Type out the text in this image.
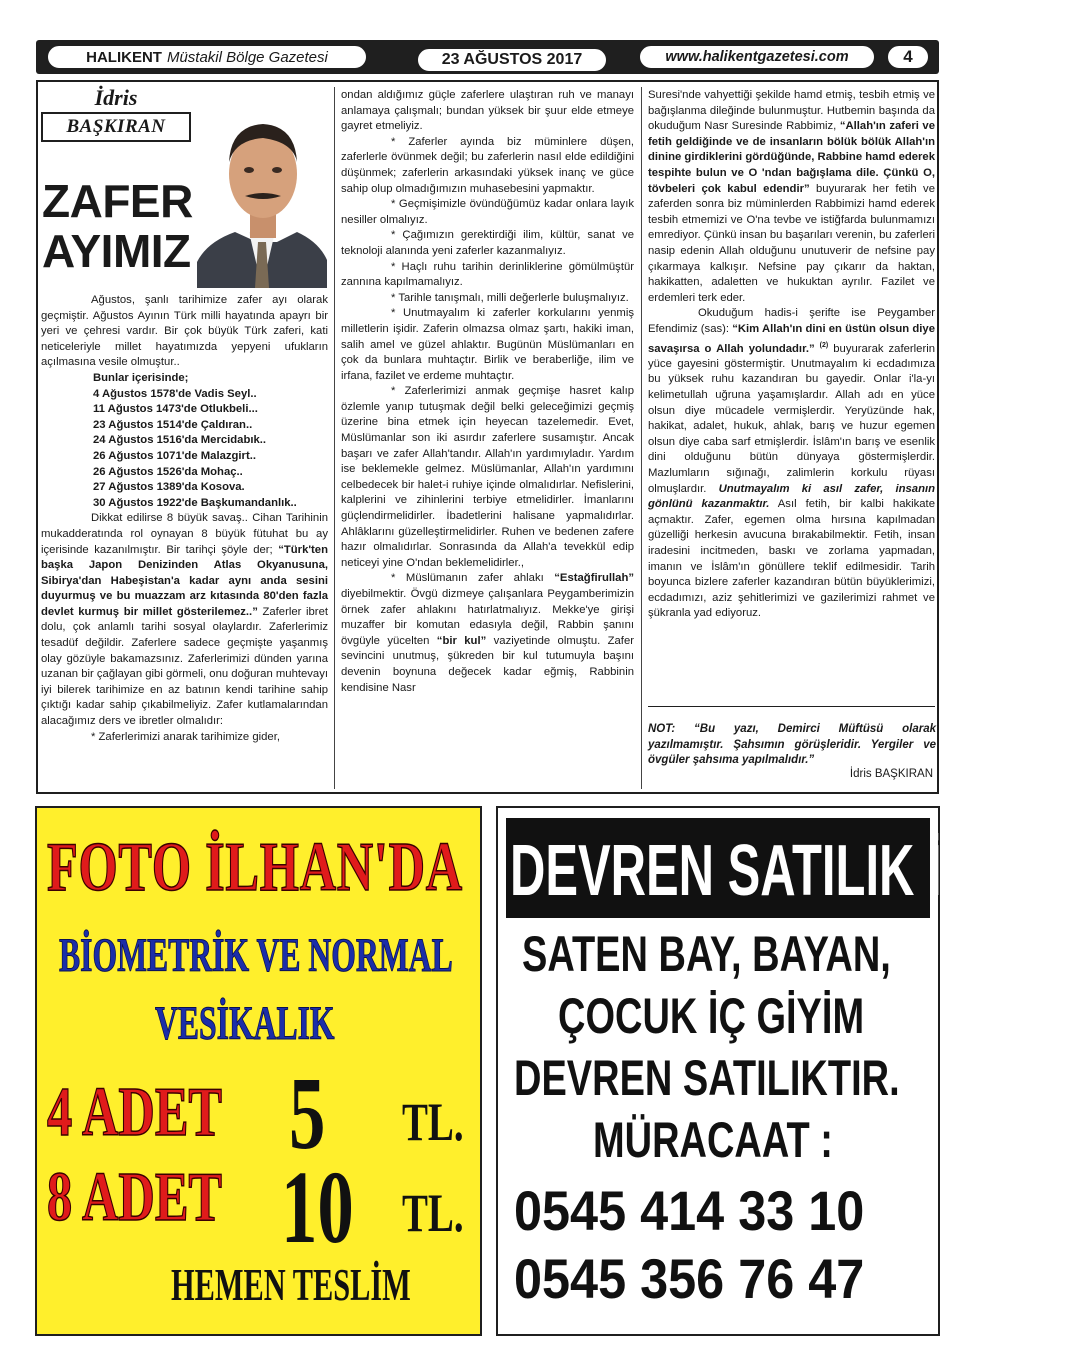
HALIKENT Müstakil Bölge Gazetesi	23 AĞUSTOS 2017	www.halikentgazetesi.com	4
İdris
BAŞKIRAN
ZAFER
AYIMIZ

Ağustos, şanlı tarihimize zafer ayı olarak geçmiştir. Ağustos Ayının Türk milli hayatında apayrı bir yeri ve çehresi vardır. Bir çok büyük Türk zaferi, kati neticeleriyle millet hayatımızda yepyeni ufukların açılmasına vesile olmuştur..

Bunlar içerisinde;
4 Ağustos 1578'de Vadis Seyl..
11 Ağustos 1473'de Otlukbeli...
23 Ağustos 1514'de Çaldıran..
24 Ağustos 1516'da Mercidabık..
26 Ağustos 1071'de Malazgirt..
26 Ağustos 1526'da Mohaç..
27 Ağustos 1389'da Kosova.
30 Ağustos 1922'de Başkumandanlık..

Dikkat edilirse 8 büyük savaş.. Cihan Tarihinin mukadderatında rol oynayan 8 büyük fütuhat bu ay içerisinde kazanılmıştır. Bir tarihçi şöyle der; “Türk'ten başka Japon Denizinden Atlas Okyanusuna, Sibirya'dan Habeşistan'a kadar aynı anda sesini duyurmuş ve bu muazzam arz kıtasında 80'den fazla devlet kurmuş bir millet gösterilemez..” Zaferler ibret dolu, çok anlamlı tarihi sosyal olaylardır. Zaferlerimiz tesadüf değildir. Zaferlere sadece geçmişte yaşanmış olay gözüyle bakamazsınız. Zaferlerimizi dünden yarına uzanan bir çağlayan gibi görmeli, onu doğuran muhtevayı iyi bilerek tarihimize en az batının kendi tarihine sahip çıktığı kadar sahip çıkabilmeliyiz. Zafer kutlamalarından alacağımız ders ve ibretler olmalıdır:

* Zaferlerimizi anarak tarihimize gider,

ondan aldığımız güçle zaferlere ulaştıran ruh ve manayı anlamaya çalışmalı; bundan yüksek bir şuur elde etmeye gayret etmeliyiz.

* Zaferler ayında biz müminlere düşen, zaferlerle övünmek değil; bu zaferlerin nasıl elde edildiğini düşünmek; zaferlerin arkasındaki yüksek inanç ve güce sahip olup olmadığımızın muhasebesini yapmaktır.

* Geçmişimizle övündüğümüz kadar onlara layık nesiller olmalıyız.

* Çağımızın gerektirdiği ilim, kültür, sanat ve teknoloji alanında yeni zaferler kazanmalıyız.

* Haçlı ruhu tarihin derinliklerine gömülmüştür zannına kapılmamalıyız.

* Tarihle tanışmalı, milli değerlerle buluşmalıyız.

* Unutmayalım ki zaferler korkularını yenmiş milletlerin işidir. Zaferin olmazsa olmaz şartı, hakiki iman, salih amel ve güzel ahlaktır. Bugünün Müslümanları en çok da bunlara muhtaçtır. Birlik ve beraberliğe, ilim ve irfana, fazilet ve erdeme muhtaçtır.

* Zaferlerimizi anmak geçmişe hasret kalıp özlemle yanıp tutuşmak değil belki geleceğimizi geçmiş üzerine bina etmek için heyecan tazelemedir. Evet, Müslümanlar son iki asırdır zaferlere susamıştır. Ancak başarı ve zafer Allah'tandır. Allah'ın yardımıyladır. Yardım ise beklemekle gelmez. Müslümanlar, Allah'ın yardımını celbedecek bir halet-i ruhiye içinde olmalıdırlar. Nefislerini, kalplerini ve zihinlerini terbiye etmelidirler. İmanlarını güçlendirmelidirler. İbadetlerini halisane yapmalıdırlar. Ahlâklarını güzelleştirmelidirler. Ruhen ve bedenen zafere hazır olmalıdırlar. Sonrasında da Allah'a tevekkül edip neticeyi yine O'ndan beklemelidirler.,

* Müslümanın zafer ahlakı “Estağfirullah” diyebilmektir. Övgü dizmeye çalışanlara Peygamberimizin örnek zafer ahlakını hatırlatmalıyız. Mekke'ye girişi muzaffer bir komutan edasıyla değil, Rabbin şanını övgüyle yücelten “bir kul” vaziyetinde olmuştu. Zafer sevincini unutmuş, şükreden bir kul tutumuyla başını devenin boynuna değecek kadar eğmiş, Rabbinin kendisine Nasr

Suresi'nde vahyettiği şekilde hamd etmiş, tesbih etmiş ve bağışlanma dileğinde bulunmuştur. Hutbemin başında da okuduğum Nasr Suresinde Rabbimiz, “Allah'ın zaferi ve fetih geldiğinde ve de insanların bölük bölük Allah'ın dinine girdiklerini gördüğünde, Rabbine hamd ederek tespihte bulun ve O 'ndan bağışlama dile. Çünkü O, tövbeleri çok kabul edendir” buyurarak her fetih ve zaferden sonra biz müminlerden Rabbimizi hamd ederek tesbih etmemizi ve O'na tevbe ve istiğfarda bulunmamızı emrediyor. Çünkü insan bu başarıları verenin, bu zaferleri nasip edenin Allah olduğunu unutuverir de nefsine pay çıkarmaya kalkışır. Nefsine pay çıkarır da haktan, hakikatten, adaletten ve hukuktan ayrılır. Fazilet ve erdemleri terk eder.

Okuduğum hadis-i şerifte ise Peygamber Efendimiz (sas): “Kim Allah'ın dini en üstün olsun diye savaşırsa o Allah yolundadır.” $^{(2)}$ buyurarak zaferlerin yüce gayesini göstermiştir. Unutmayalım ki ecdadımıza bu yüksek ruhu kazandıran bu gayedir. Onlar i'la-yı kelimetullah uğruna yaşamışlardır. Allah adı en yüce olsun diye mücadele vermişlerdir. Yeryüzünde hak, hakikat, adalet, hukuk, ahlak, barış ve huzur egemen olsun diye caba sarf etmişlerdir. İslâm'ın barış ve esenlik dini olduğunu bütün dünyaya göstermişlerdir. Mazlumların sığınağı, zalimlerin korkulu rüyası olmuşlardır. Unutmayalım ki asıl zafer, insanın gönlünü kazanmaktır. Asıl fetih, bir kalbi hakikate açmaktır. Zafer, egemen olma hırsına kapılmadan güzelliği herkesin avucuna bırakabilmektir. Fetih, insan iradesini incitmeden, baskı ve zorlama yapmadan, imanın ve İslâm'ın gönüllere teklif edilmesidir. Tarih boyunca bizlere zaferler kazandıran bütün büyüklerimizi, ecdadımızı, aziz şehitlerimizi ve gazilerimizi rahmet ve şükranla yad ediyoruz.

NOT: “Bu yazı, Demirci Müftüsü olarak yazılmamıştır. Şahsımın görüşleridir. Yergiler ve övgüler şahsıma yapılmalıdır.”
İdris BAŞKIRAN
FOTO İLHAN'DA
BİOMETRİK VE NORMAL
VESİKALIK
4 ADET 5 TL.
8 ADET 10 TL.
HEMEN TESLİM
DEVREN SATILIK İŞYERİ
SATEN BAY, BAYAN,
ÇOCUK İÇ GİYİM
DEVREN SATILIKTIR.
MÜRACAAT :
0545 414 33 10
0545 356 76 47
